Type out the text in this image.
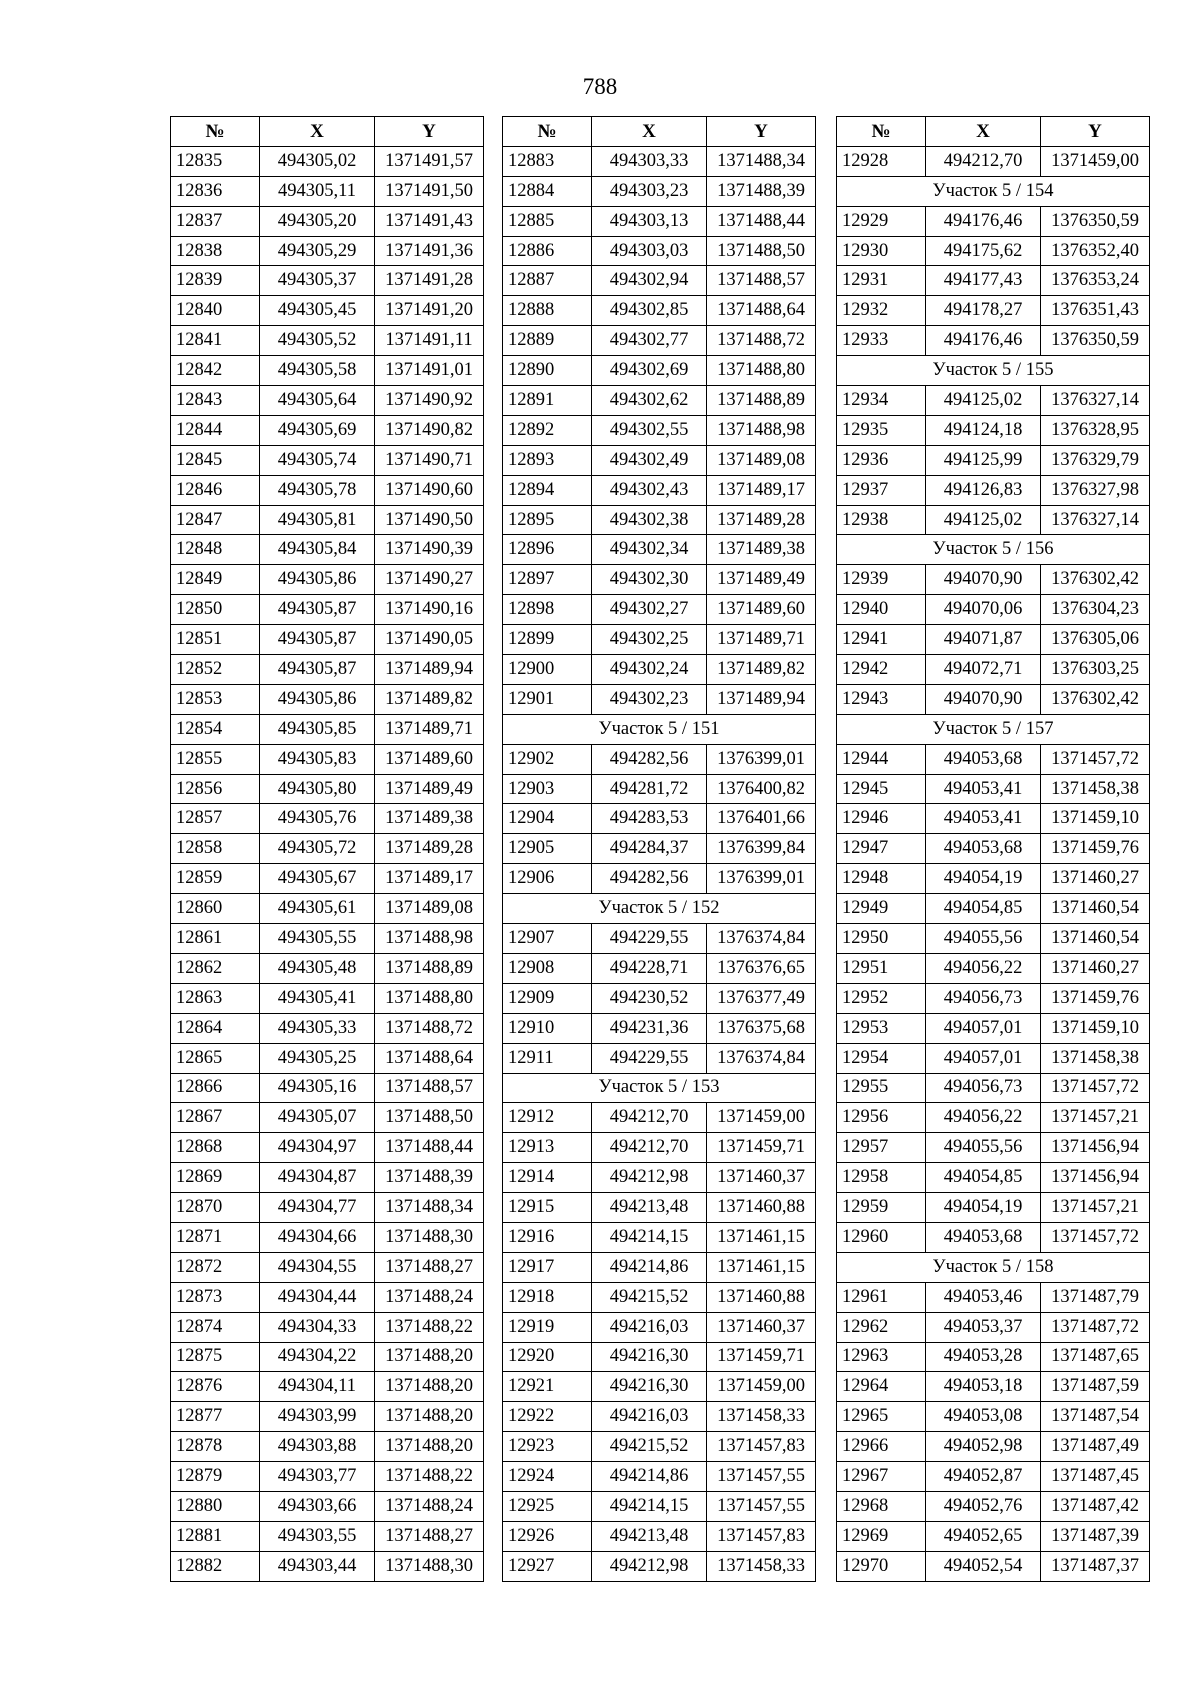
788
№	X	Y
12835	494305,02	1371491,57
12836	494305,11	1371491,50
12837	494305,20	1371491,43
12838	494305,29	1371491,36
12839	494305,37	1371491,28
12840	494305,45	1371491,20
12841	494305,52	1371491,11
12842	494305,58	1371491,01
12843	494305,64	1371490,92
12844	494305,69	1371490,82
12845	494305,74	1371490,71
12846	494305,78	1371490,60
12847	494305,81	1371490,50
12848	494305,84	1371490,39
12849	494305,86	1371490,27
12850	494305,87	1371490,16
12851	494305,87	1371490,05
12852	494305,87	1371489,94
12853	494305,86	1371489,82
12854	494305,85	1371489,71
12855	494305,83	1371489,60
12856	494305,80	1371489,49
12857	494305,76	1371489,38
12858	494305,72	1371489,28
12859	494305,67	1371489,17
12860	494305,61	1371489,08
12861	494305,55	1371488,98
12862	494305,48	1371488,89
12863	494305,41	1371488,80
12864	494305,33	1371488,72
12865	494305,25	1371488,64
12866	494305,16	1371488,57
12867	494305,07	1371488,50
12868	494304,97	1371488,44
12869	494304,87	1371488,39
12870	494304,77	1371488,34
12871	494304,66	1371488,30
12872	494304,55	1371488,27
12873	494304,44	1371488,24
12874	494304,33	1371488,22
12875	494304,22	1371488,20
12876	494304,11	1371488,20
12877	494303,99	1371488,20
12878	494303,88	1371488,20
12879	494303,77	1371488,22
12880	494303,66	1371488,24
12881	494303,55	1371488,27
12882	494303,44	1371488,30
№	X	Y
12883	494303,33	1371488,34
12884	494303,23	1371488,39
12885	494303,13	1371488,44
12886	494303,03	1371488,50
12887	494302,94	1371488,57
12888	494302,85	1371488,64
12889	494302,77	1371488,72
12890	494302,69	1371488,80
12891	494302,62	1371488,89
12892	494302,55	1371488,98
12893	494302,49	1371489,08
12894	494302,43	1371489,17
12895	494302,38	1371489,28
12896	494302,34	1371489,38
12897	494302,30	1371489,49
12898	494302,27	1371489,60
12899	494302,25	1371489,71
12900	494302,24	1371489,82
12901	494302,23	1371489,94
Участок 5 / 151		
12902	494282,56	1376399,01
12903	494281,72	1376400,82
12904	494283,53	1376401,66
12905	494284,37	1376399,84
12906	494282,56	1376399,01
Участок 5 / 152		
12907	494229,55	1376374,84
12908	494228,71	1376376,65
12909	494230,52	1376377,49
12910	494231,36	1376375,68
12911	494229,55	1376374,84
Участок 5 / 153		
12912	494212,70	1371459,00
12913	494212,70	1371459,71
12914	494212,98	1371460,37
12915	494213,48	1371460,88
12916	494214,15	1371461,15
12917	494214,86	1371461,15
12918	494215,52	1371460,88
12919	494216,03	1371460,37
12920	494216,30	1371459,71
12921	494216,30	1371459,00
12922	494216,03	1371458,33
12923	494215,52	1371457,83
12924	494214,86	1371457,55
12925	494214,15	1371457,55
12926	494213,48	1371457,83
12927	494212,98	1371458,33
№	X	Y
12928	494212,70	1371459,00
Участок 5 / 154		
12929	494176,46	1376350,59
12930	494175,62	1376352,40
12931	494177,43	1376353,24
12932	494178,27	1376351,43
12933	494176,46	1376350,59
Участок 5 / 155		
12934	494125,02	1376327,14
12935	494124,18	1376328,95
12936	494125,99	1376329,79
12937	494126,83	1376327,98
12938	494125,02	1376327,14
Участок 5 / 156		
12939	494070,90	1376302,42
12940	494070,06	1376304,23
12941	494071,87	1376305,06
12942	494072,71	1376303,25
12943	494070,90	1376302,42
Участок 5 / 157		
12944	494053,68	1371457,72
12945	494053,41	1371458,38
12946	494053,41	1371459,10
12947	494053,68	1371459,76
12948	494054,19	1371460,27
12949	494054,85	1371460,54
12950	494055,56	1371460,54
12951	494056,22	1371460,27
12952	494056,73	1371459,76
12953	494057,01	1371459,10
12954	494057,01	1371458,38
12955	494056,73	1371457,72
12956	494056,22	1371457,21
12957	494055,56	1371456,94
12958	494054,85	1371456,94
12959	494054,19	1371457,21
12960	494053,68	1371457,72
Участок 5 / 158		
12961	494053,46	1371487,79
12962	494053,37	1371487,72
12963	494053,28	1371487,65
12964	494053,18	1371487,59
12965	494053,08	1371487,54
12966	494052,98	1371487,49
12967	494052,87	1371487,45
12968	494052,76	1371487,42
12969	494052,65	1371487,39
12970	494052,54	1371487,37
